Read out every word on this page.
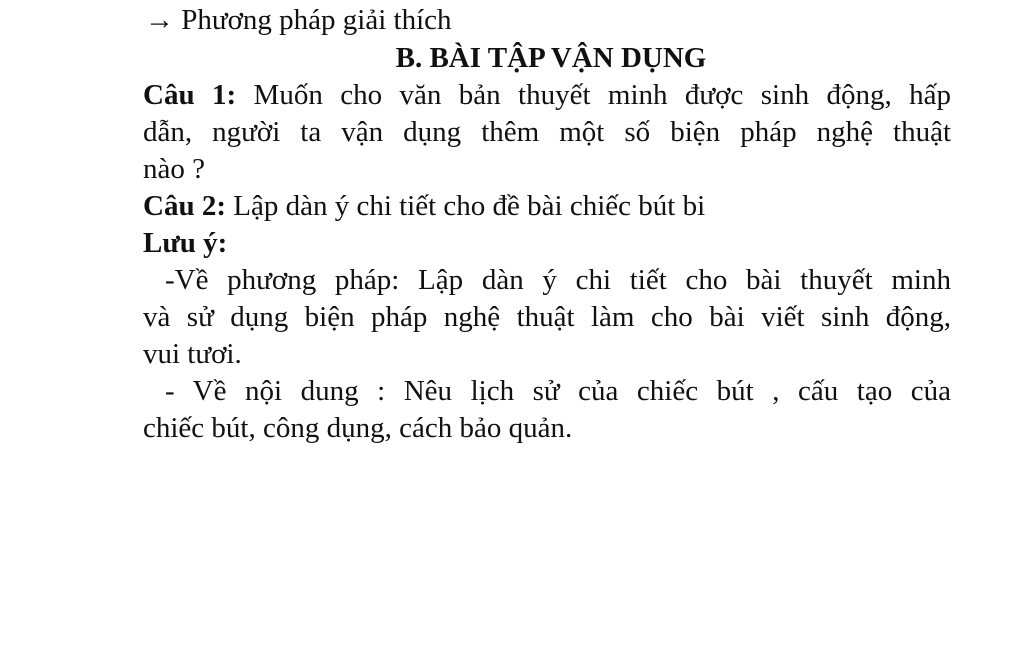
→ Phương pháp giải thích
B. BÀI TẬP VẬN DỤNG
Câu 1: Muốn cho văn bản thuyết minh được sinh động, hấp
dẫn, người ta vận dụng thêm một số biện pháp nghệ thuật
nào ?
Câu 2: Lập dàn ý chi tiết cho đề bài chiếc bút bi
Lưu ý:
-Về phương pháp: Lập dàn ý chi tiết cho bài thuyết minh
và sử dụng biện pháp nghệ thuật làm cho bài viết sinh động,
vui tươi.
- Về nội dung : Nêu lịch sử của chiếc bút , cấu tạo của
chiếc bút, công dụng, cách bảo quản.
